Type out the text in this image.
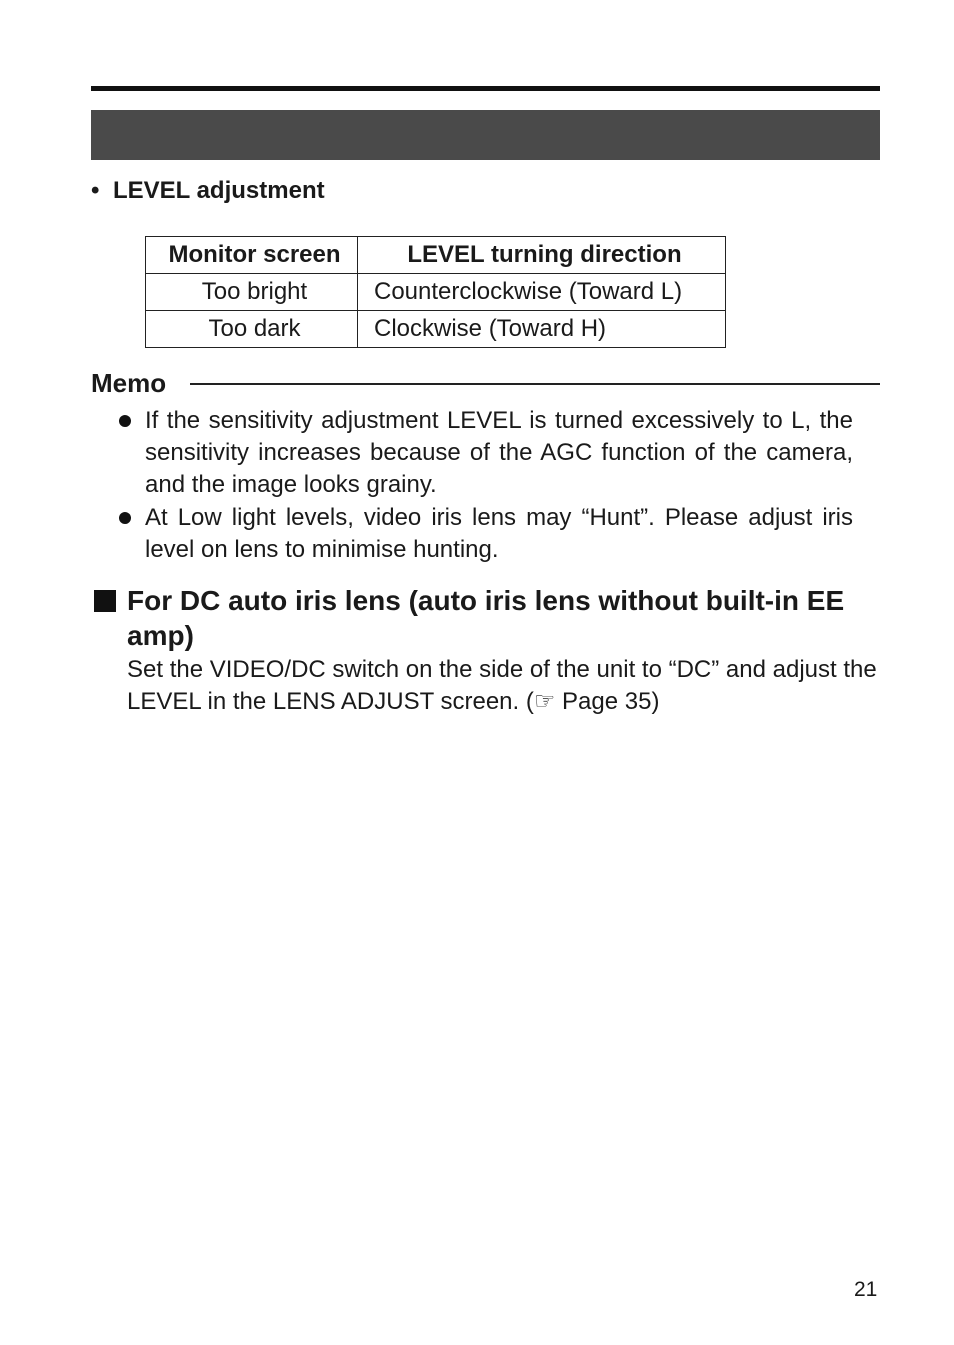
• LEVEL adjustment
Monitor screen	LEVEL turning direction
Too bright	Counterclockwise (Toward L)
Too dark	Clockwise (Toward H)
Memo
If the sensitivity adjustment LEVEL is turned excessively to L, the sensitivity increases because of the AGC function of the camera, and the image looks grainy.
At Low light levels, video iris lens may “Hunt”. Please adjust iris level on lens to minimise hunting.
For DC auto iris lens (auto iris lens without built-in EE amp)

Set the VIDEO/DC switch on the side of the unit to “DC” and adjust the LEVEL in the LENS ADJUST screen. (☞ Page 35)

21
